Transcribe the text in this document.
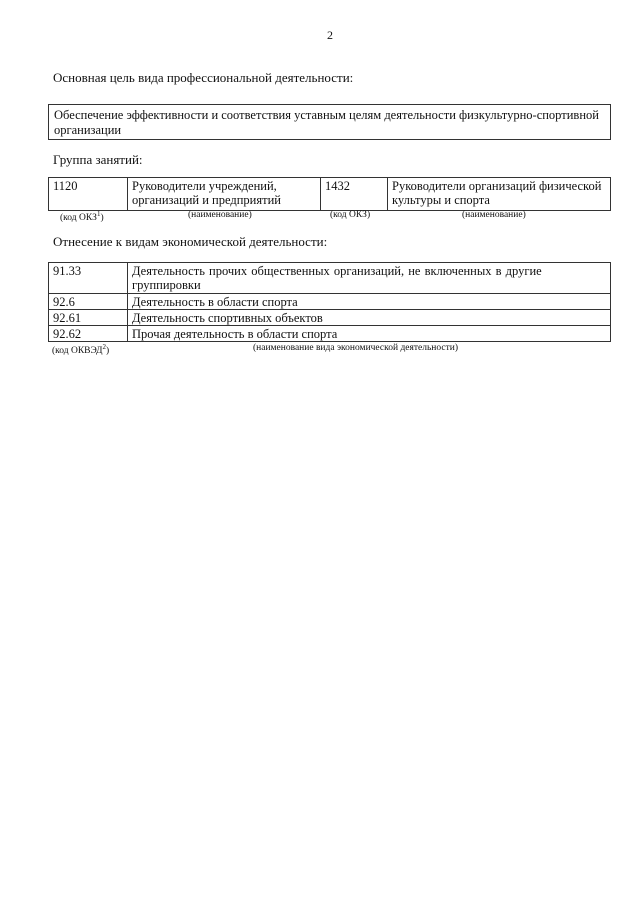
2
Основная цель вида профессиональной деятельности:
Обеспечение эффективности и соответствия уставным целям деятельности физкультурно-спортивной организации
Группа занятий:
1120	Руководители учреждений, организаций и предприятий	1432	Руководители организаций физической культуры и спорта
(код ОКЗ$^1$)	(наименование)	(код ОКЗ)	(наименование)
Отнесение к видам экономической деятельности:
91.33	Деятельность прочих общественных организаций, не включенных в другие группировки
92.6	Деятельность в области спорта
92.61	Деятельность спортивных объектов
92.62	Прочая деятельность в области спорта
(код ОКВЭД$^2$)	(наименование вида экономической деятельности)
